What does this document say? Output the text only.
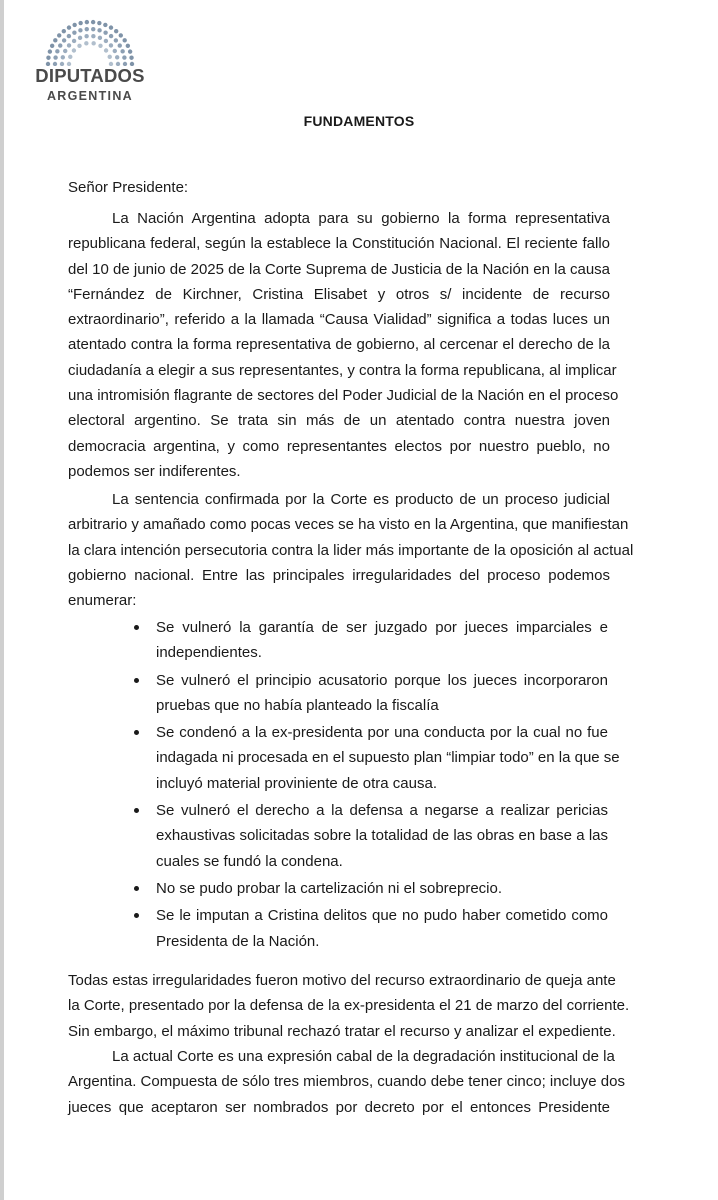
DIPUTADOS
ARGENTINA
FUNDAMENTOS
Señor Presidente:
La Nación Argentina adopta para su gobierno la forma representativa
republicana federal, según la establece la Constitución Nacional. El reciente fallo
del 10 de junio de 2025 de la Corte Suprema de Justicia de la Nación en la causa
“Fernández de Kirchner, Cristina Elisabet y otros s/ incidente de recurso
extraordinario”, referido a la llamada “Causa Vialidad” significa a todas luces un
atentado contra la forma representativa de gobierno, al cercenar el derecho de la
ciudadanía a elegir a sus representantes, y contra la forma republicana, al implicar
una intromisión flagrante de sectores del Poder Judicial de la Nación en el proceso
electoral argentino. Se trata sin más de un atentado contra nuestra joven
democracia argentina, y como representantes electos por nuestro pueblo, no
podemos ser indiferentes.
La sentencia confirmada por la Corte es producto de un proceso judicial
arbitrario y amañado como pocas veces se ha visto en la Argentina, que manifiestan
la clara intención persecutoria contra la lider más importante de la oposición al actual
gobierno nacional. Entre las principales irregularidades del proceso podemos
enumerar:
Se vulneró la garantía de ser juzgado por jueces imparciales e
independientes.
Se vulneró el principio acusatorio porque los jueces incorporaron
pruebas que no había planteado la fiscalía
Se condenó a la ex-presidenta por una conducta por la cual no fue
indagada ni procesada en el supuesto plan “limpiar todo” en la que se
incluyó material proviniente de otra causa.
Se vulneró el derecho a la defensa a negarse a realizar pericias
exhaustivas solicitadas sobre la totalidad de las obras en base a las
cuales se fundó la condena.
No se pudo probar la cartelización ni el sobreprecio.
Se le imputan a Cristina delitos que no pudo haber cometido como
Presidenta de la Nación.
Todas estas irregularidades fueron motivo del recurso extraordinario de queja ante
la Corte, presentado por la defensa de la ex-presidenta el 21 de marzo del corriente.
Sin embargo, el máximo tribunal rechazó tratar el recurso y analizar el expediente.
La actual Corte es una expresión cabal de la degradación institucional de la
Argentina. Compuesta de sólo tres miembros, cuando debe tener cinco; incluye dos
jueces que aceptaron ser nombrados por decreto por el entonces Presidente
